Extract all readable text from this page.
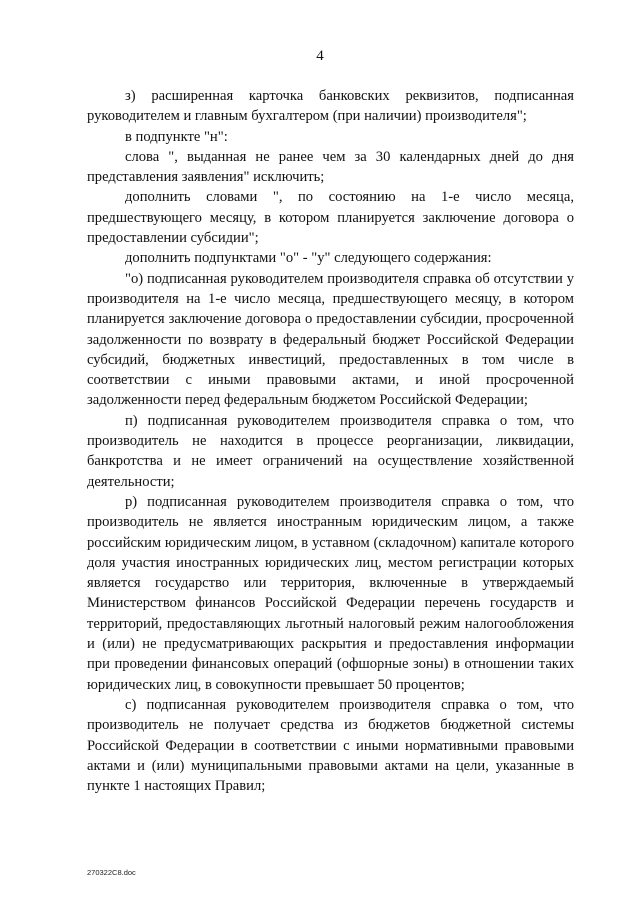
4

з) расширенная карточка банковских реквизитов, подписанная руководителем и главным бухгалтером (при наличии) производителя";

в подпункте "н":

слова ", выданная не ранее чем за 30 календарных дней до дня представления заявления" исключить;

дополнить словами ", по состоянию на 1-е число месяца, предшествующего месяцу, в котором планируется заключение договора о предоставлении субсидии";

дополнить подпунктами "о" - "у" следующего содержания:

"о) подписанная руководителем производителя справка об отсутствии у производителя на 1-е число месяца, предшествующего месяцу, в котором планируется заключение договора о предоставлении субсидии, просроченной задолженности по возврату в федеральный бюджет Российской Федерации субсидий, бюджетных инвестиций, предоставленных в том числе в соответствии с иными правовыми актами, и иной просроченной задолженности перед федеральным бюджетом Российской Федерации;

п) подписанная руководителем производителя справка о том, что производитель не находится в процессе реорганизации, ликвидации, банкротства и не имеет ограничений на осуществление хозяйственной деятельности;

р) подписанная руководителем производителя справка о том, что производитель не является иностранным юридическим лицом, а также российским юридическим лицом, в уставном (складочном) капитале которого доля участия иностранных юридических лиц, местом регистрации которых является государство или территория, включенные в утверждаемый Министерством финансов Российской Федерации перечень государств и территорий, предоставляющих льготный налоговый режим налогообложения и (или) не предусматривающих раскрытия и предоставления информации при проведении финансовых операций (офшорные зоны) в отношении таких юридических лиц, в совокупности превышает 50 процентов;

с) подписанная руководителем производителя справка о том, что производитель не получает средства из бюджетов бюджетной системы Российской Федерации в соответствии с иными нормативными правовыми актами и (или) муниципальными правовыми актами на цели, указанные в пункте 1 настоящих Правил;

270322C8.doc
